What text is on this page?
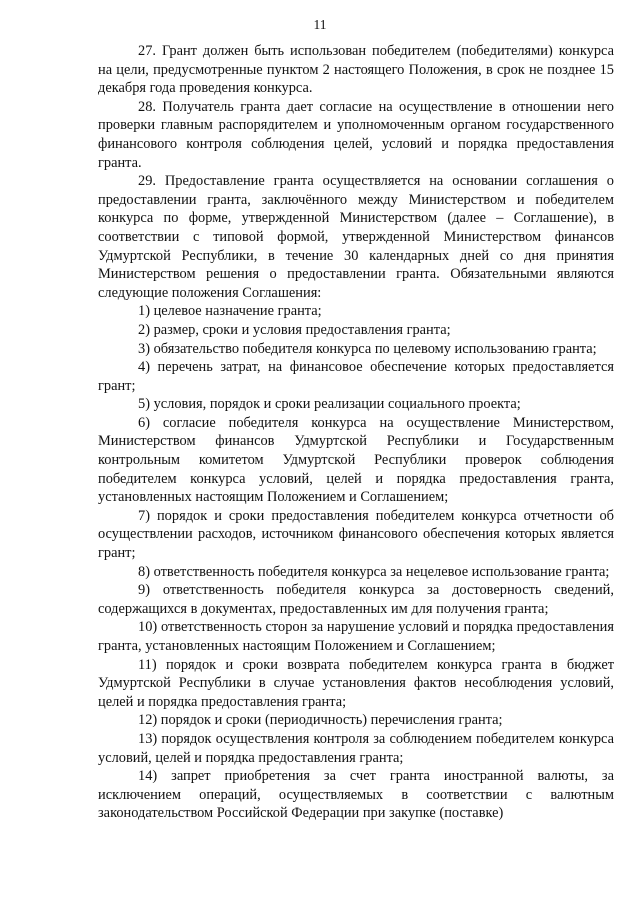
11

27. Грант должен быть использован победителем (победителями) конкурса на цели, предусмотренные пунктом 2 настоящего Положения, в срок не позднее 15 декабря года проведения конкурса.

28. Получатель гранта дает согласие на осуществление в отношении него проверки главным распорядителем и уполномоченным органом государственного финансового контроля соблюдения целей, условий и порядка предоставления гранта.

29. Предоставление гранта осуществляется на основании соглашения о предоставлении гранта, заключённого между Министерством и победителем конкурса по форме, утвержденной Министерством (далее – Соглашение), в соответствии с типовой формой, утвержденной Министерством финансов Удмуртской Республики, в течение 30 календарных дней со дня принятия Министерством решения о предоставлении гранта. Обязательными являются следующие положения Соглашения:

1) целевое назначение гранта;

2) размер, сроки и условия предоставления гранта;

3) обязательство победителя конкурса по целевому использованию гранта;

4) перечень затрат, на финансовое обеспечение которых предоставляется грант;

5) условия, порядок и сроки реализации социального проекта;

6) согласие победителя конкурса на осуществление Министерством, Министерством финансов Удмуртской Республики и Государственным контрольным комитетом Удмуртской Республики проверок соблюдения победителем конкурса условий, целей и порядка предоставления гранта, установленных настоящим Положением и Соглашением;

7) порядок и сроки предоставления победителем конкурса отчетности об осуществлении расходов, источником финансового обеспечения которых является грант;

8) ответственность победителя конкурса за нецелевое использование гранта;

9) ответственность победителя конкурса за достоверность сведений, содержащихся в документах, предоставленных им для получения гранта;

10) ответственность сторон за нарушение условий и порядка предоставления гранта, установленных настоящим Положением и Соглашением;

11) порядок и сроки возврата победителем конкурса гранта в бюджет Удмуртской Республики в случае установления фактов несоблюдения условий, целей и порядка предоставления гранта;

12) порядок и сроки (периодичность) перечисления гранта;

13) порядок осуществления контроля за соблюдением победителем конкурса условий, целей и порядка предоставления гранта;

14) запрет приобретения за счет гранта иностранной валюты, за исключением операций, осуществляемых в соответствии с валютным законодательством Российской Федерации при закупке (поставке)
